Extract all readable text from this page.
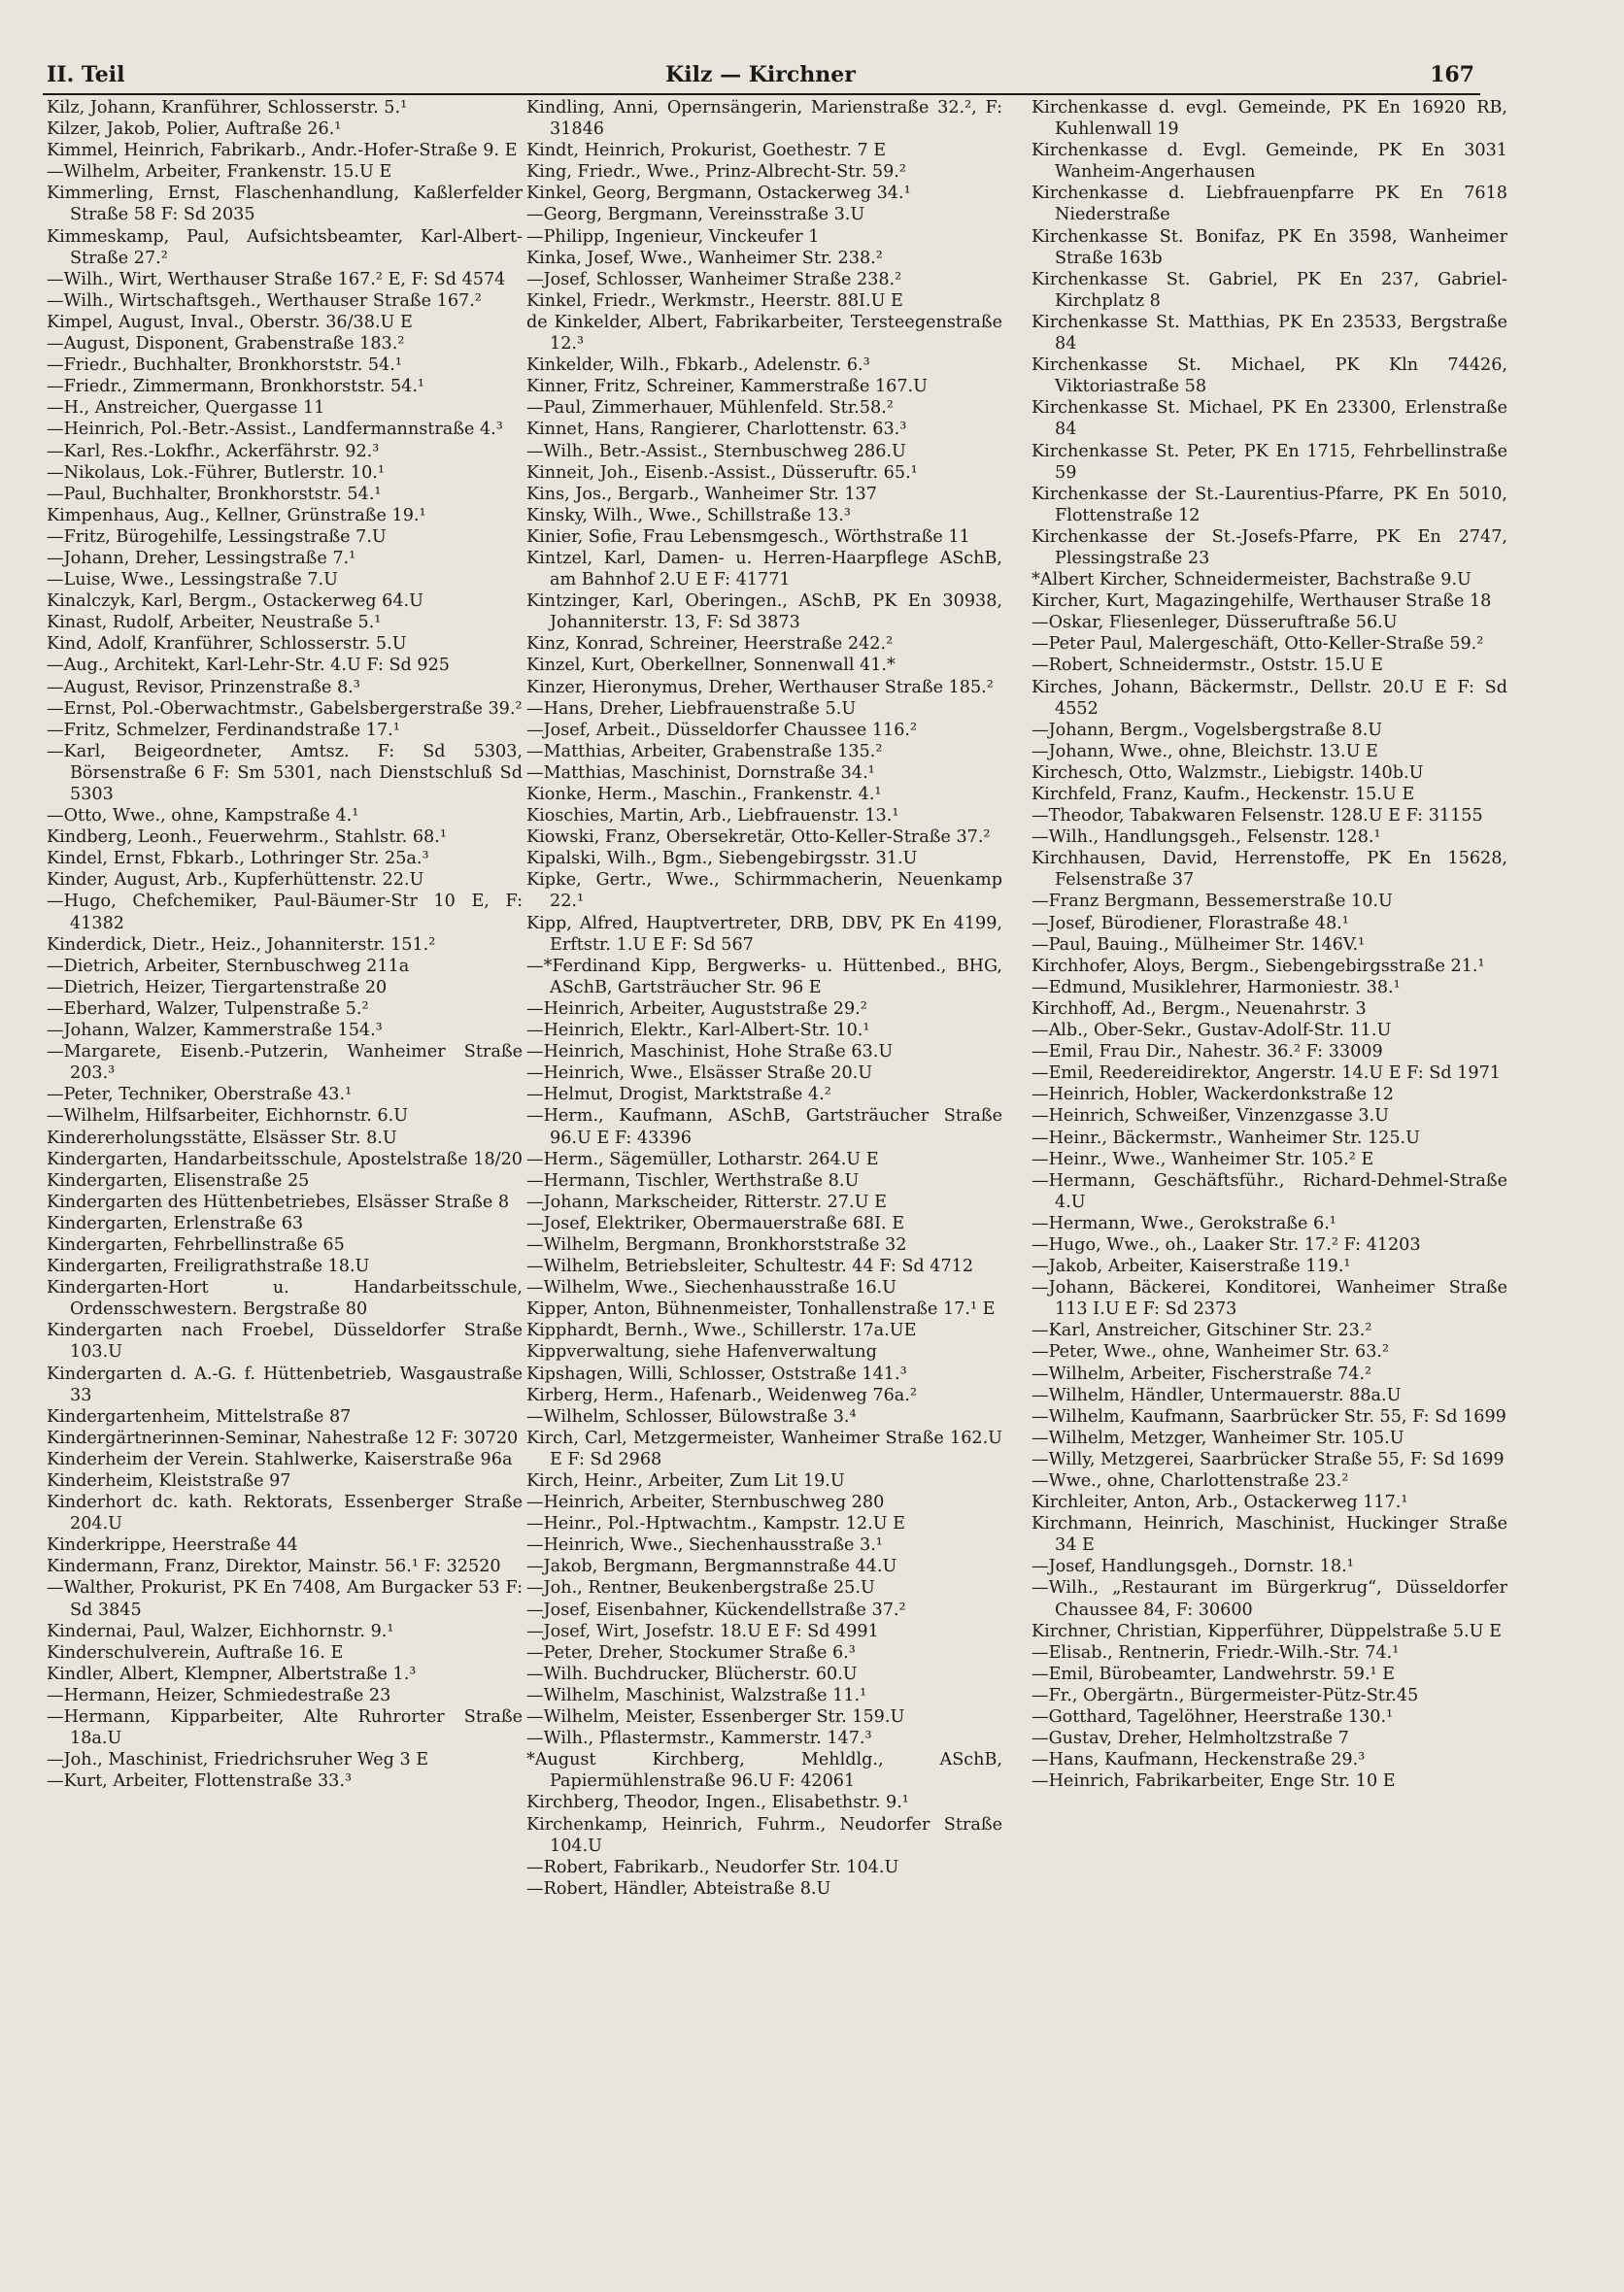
II. Teil	Kilz — Kirchner	167
Kilz, Johann, Kranführer, Schlosserstr. 5.¹
Kilzer, Jakob, Polier, Auftraße 26.¹
Kimmel, Heinrich, Fabrikarb., Andr.-Hofer-Straße 9. E
—Wilhelm, Arbeiter, Frankenstr. 15.U E
Kimmerling, Ernst, Flaschenhandlung, Kaßlerfelder Straße 58 F: Sd 2035
Kimmeskamp, Paul, Aufsichtsbeamter, Karl-Albert-Straße 27.²
—Wilh., Wirt, Werthauser Straße 167.² E, F: Sd 4574
—Wilh., Wirtschaftsgeh., Werthauser Straße 167.²
Kimpel, August, Inval., Oberstr. 36/38.U E
—August, Disponent, Grabenstraße 183.²
—Friedr., Buchhalter, Bronkhorststr. 54.¹
—Friedr., Zimmermann, Bronkhorststr. 54.¹
—H., Anstreicher, Quergasse 11
—Heinrich, Pol.-Betr.-Assist., Landfermannstraße 4.³
—Karl, Res.-Lokfhr., Ackerfährstr. 92.³
—Nikolaus, Lok.-Führer, Butlerstr. 10.¹
—Paul, Buchhalter, Bronkhorststr. 54.¹
Kimpenhaus, Aug., Kellner, Grünstraße 19.¹
—Fritz, Bürogehilfe, Lessingstraße 7.U
—Johann, Dreher, Lessingstraße 7.¹
—Luise, Wwe., Lessingstraße 7.U
Kinalczyk, Karl, Bergm., Ostackerweg 64.U
Kinast, Rudolf, Arbeiter, Neustraße 5.¹
Kind, Adolf, Kranführer, Schlosserstr. 5.U
—Aug., Architekt, Karl-Lehr-Str. 4.U F: Sd 925
—August, Revisor, Prinzenstraße 8.³
—Ernst, Pol.-Oberwachtmstr., Gabelsbergerstraße 39.²
—Fritz, Schmelzer, Ferdinandstraße 17.¹
—Karl, Beigeordneter, Amtsz. F: Sd 5303, Börsenstraße 6 F: Sm 5301, nach Dienstschluß Sd 5303
—Otto, Wwe., ohne, Kampstraße 4.¹
Kindberg, Leonh., Feuerwehrm., Stahlstr. 68.¹
Kindel, Ernst, Fbkarb., Lothringer Str. 25a.³
Kinder, August, Arb., Kupferhüttenstr. 22.U
—Hugo, Chefchemiker, Paul-Bäumer-Str 10 E, F: 41382
Kinderdick, Dietr., Heiz., Johanniterstr. 151.²
—Dietrich, Arbeiter, Sternbuschweg 211a
—Dietrich, Heizer, Tiergartenstraße 20
—Eberhard, Walzer, Tulpenstraße 5.²
—Johann, Walzer, Kammerstraße 154.³
—Margarete, Eisenb.-Putzerin, Wanheimer Straße 203.³
—Peter, Techniker, Oberstraße 43.¹
—Wilhelm, Hilfsarbeiter, Eichhornstr. 6.U
Kindererholungsstätte, Elsässer Str. 8.U
Kindergarten, Handarbeitsschule, Apostelstraße 18/20
Kindergarten, Elisenstraße 25
Kindergarten des Hüttenbetriebes, Elsässer Straße 8
Kindergarten, Erlenstraße 63
Kindergarten, Fehrbellinstraße 65
Kindergarten, Freiligrathstraße 18.U
Kindergarten-Hort u. Handarbeitsschule, Ordensschwestern. Bergstraße 80
Kindergarten nach Froebel, Düsseldorfer Straße 103.U
Kindergarten d. A.-G. f. Hüttenbetrieb, Wasgaustraße 33
Kindergartenheim, Mittelstraße 87
Kindergärtnerinnen-Seminar, Nahestraße 12 F: 30720
Kinderheim der Verein. Stahlwerke, Kaiserstraße 96a
Kinderheim, Kleiststraße 97
Kinderhort dc. kath. Rektorats, Essenberger Straße 204.U
Kinderkrippe, Heerstraße 44
Kindermann, Franz, Direktor, Mainstr. 56.¹ F: 32520
—Walther, Prokurist, PK En 7408, Am Burgacker 53 F: Sd 3845
Kindernai, Paul, Walzer, Eichhornstr. 9.¹
Kinderschulverein, Auftraße 16. E
Kindler, Albert, Klempner, Albertstraße 1.³
—Hermann, Heizer, Schmiedestraße 23
—Hermann, Kipparbeiter, Alte Ruhrorter Straße 18a.U
—Joh., Maschinist, Friedrichsruher Weg 3 E
—Kurt, Arbeiter, Flottenstraße 33.³
Kindling, Anni, Opernsängerin, Marienstraße 32.², F: 31846
Kindt, Heinrich, Prokurist, Goethestr. 7 E
King, Friedr., Wwe., Prinz-Albrecht-Str. 59.²
Kinkel, Georg, Bergmann, Ostackerweg 34.¹
—Georg, Bergmann, Vereinsstraße 3.U
—Philipp, Ingenieur, Vinckeufer 1
Kinka, Josef, Wwe., Wanheimer Str. 238.²
—Josef, Schlosser, Wanheimer Straße 238.²
Kinkel, Friedr., Werkmstr., Heerstr. 88I.U E
de Kinkelder, Albert, Fabrikarbeiter, Tersteegenstraße 12.³
Kinkelder, Wilh., Fbkarb., Adelenstr. 6.³
Kinner, Fritz, Schreiner, Kammerstraße 167.U
—Paul, Zimmerhauer, Mühlenfeld. Str.58.²
Kinnet, Hans, Rangierer, Charlottenstr. 63.³
—Wilh., Betr.-Assist., Sternbuschweg 286.U
Kinneit, Joh., Eisenb.-Assist., Düsseruftr. 65.¹
Kins, Jos., Bergarb., Wanheimer Str. 137
Kinsky, Wilh., Wwe., Schillstraße 13.³
Kinier, Sofie, Frau Lebensmgesch., Wörthstraße 11
Kintzel, Karl, Damen- u. Herren-Haarpflege ASchB, am Bahnhof 2.U E F: 41771
Kintzinger, Karl, Oberingen., ASchB, PK En 30938, Johanniterstr. 13, F: Sd 3873
Kinz, Konrad, Schreiner, Heerstraße 242.²
Kinzel, Kurt, Oberkellner, Sonnenwall 41.*
Kinzer, Hieronymus, Dreher, Werthauser Straße 185.²
—Hans, Dreher, Liebfrauenstraße 5.U
—Josef, Arbeit., Düsseldorfer Chaussee 116.²
—Matthias, Arbeiter, Grabenstraße 135.²
—Matthias, Maschinist, Dornstraße 34.¹
Kionke, Herm., Maschin., Frankenstr. 4.¹
Kioschies, Martin, Arb., Liebfrauenstr. 13.¹
Kiowski, Franz, Obersekretär, Otto-Keller-Straße 37.²
Kipalski, Wilh., Bgm., Siebengebirgsstr. 31.U
Kipke, Gertr., Wwe., Schirmmacherin, Neuenkamp 22.¹
Kipp, Alfred, Hauptvertreter, DRB, DBV, PK En 4199, Erftstr. 1.U E F: Sd 567
—*Ferdinand Kipp, Bergwerks- u. Hüttenbed., BHG, ASchB, Gartsträucher Str. 96 E
—Heinrich, Arbeiter, Auguststraße 29.²
—Heinrich, Elektr., Karl-Albert-Str. 10.¹
—Heinrich, Maschinist, Hohe Straße 63.U
—Heinrich, Wwe., Elsässer Straße 20.U
—Helmut, Drogist, Marktstraße 4.²
—Herm., Kaufmann, ASchB, Gartsträucher Straße 96.U E F: 43396
—Herm., Sägemüller, Lotharstr. 264.U E
—Hermann, Tischler, Werthstraße 8.U
—Johann, Markscheider, Ritterstr. 27.U E
—Josef, Elektriker, Obermauerstraße 68I. E
—Wilhelm, Bergmann, Bronkhorststraße 32
—Wilhelm, Betriebsleiter, Schultestr. 44 F: Sd 4712
—Wilhelm, Wwe., Siechenhausstraße 16.U
Kipper, Anton, Bühnenmeister, Tonhallenstraße 17.¹ E
Kipphardt, Bernh., Wwe., Schillerstr. 17a.UE
Kippverwaltung, siehe Hafenverwaltung
Kipshagen, Willi, Schlosser, Oststraße 141.³
Kirberg, Herm., Hafenarb., Weidenweg 76a.²
—Wilhelm, Schlosser, Bülowstraße 3.⁴
Kirch, Carl, Metzgermeister, Wanheimer Straße 162.U E F: Sd 2968
Kirch, Heinr., Arbeiter, Zum Lit 19.U
—Heinrich, Arbeiter, Sternbuschweg 280
—Heinr., Pol.-Hptwachtm., Kampstr. 12.U E
—Heinrich, Wwe., Siechenhausstraße 3.¹
—Jakob, Bergmann, Bergmannstraße 44.U
—Joh., Rentner, Beukenbergstraße 25.U
—Josef, Eisenbahner, Kückendellstraße 37.²
—Josef, Wirt, Josefstr. 18.U E F: Sd 4991
—Peter, Dreher, Stockumer Straße 6.³
—Wilh. Buchdrucker, Blücherstr. 60.U
—Wilhelm, Maschinist, Walzstraße 11.¹
—Wilhelm, Meister, Essenberger Str. 159.U
—Wilh., Pflastermstr., Kammerstr. 147.³
*August Kirchberg, Mehldlg., ASchB, Papiermühlenstraße 96.U F: 42061
Kirchberg, Theodor, Ingen., Elisabethstr. 9.¹
Kirchenkamp, Heinrich, Fuhrm., Neudorfer Straße 104.U
—Robert, Fabrikarb., Neudorfer Str. 104.U
—Robert, Händler, Abteistraße 8.U
Kirchenkasse d. evgl. Gemeinde, PK En 16920 RB, Kuhlenwall 19
Kirchenkasse d. Evgl. Gemeinde, PK En 3031 Wanheim-Angerhausen
Kirchenkasse d. Liebfrauenpfarre PK En 7618 Niederstraße
Kirchenkasse St. Bonifaz, PK En 3598, Wanheimer Straße 163b
Kirchenkasse St. Gabriel, PK En 237, Gabriel-Kirchplatz 8
Kirchenkasse St. Matthias, PK En 23533, Bergstraße 84
Kirchenkasse St. Michael, PK Kln 74426, Viktoriastraße 58
Kirchenkasse St. Michael, PK En 23300, Erlenstraße 84
Kirchenkasse St. Peter, PK En 1715, Fehrbellinstraße 59
Kirchenkasse der St.-Laurentius-Pfarre, PK En 5010, Flottenstraße 12
Kirchenkasse der St.-Josefs-Pfarre, PK En 2747, Plessingstraße 23
*Albert Kircher, Schneidermeister, Bachstraße 9.U
Kircher, Kurt, Magazingehilfe, Werthauser Straße 18
—Oskar, Fliesenleger, Düsseruftraße 56.U
—Peter Paul, Malergeschäft, Otto-Keller-Straße 59.²
—Robert, Schneidermstr., Oststr. 15.U E
Kirches, Johann, Bäckermstr., Dellstr. 20.U E F: Sd 4552
—Johann, Bergm., Vogelsbergstraße 8.U
—Johann, Wwe., ohne, Bleichstr. 13.U E
Kirchesch, Otto, Walzmstr., Liebigstr. 140b.U
Kirchfeld, Franz, Kaufm., Heckenstr. 15.U E
—Theodor, Tabakwaren Felsenstr. 128.U E F: 31155
—Wilh., Handlungsgeh., Felsenstr. 128.¹
Kirchhausen, David, Herrenstoffe, PK En 15628, Felsenstraße 37
—Franz Bergmann, Bessemerstraße 10.U
—Josef, Bürodiener, Florastraße 48.¹
—Paul, Bauing., Mülheimer Str. 146V.¹
Kirchhofer, Aloys, Bergm., Siebengebirgsstraße 21.¹
—Edmund, Musiklehrer, Harmoniestr. 38.¹
Kirchhoff, Ad., Bergm., Neuenahrstr. 3
—Alb., Ober-Sekr., Gustav-Adolf-Str. 11.U
—Emil, Frau Dir., Nahestr. 36.² F: 33009
—Emil, Reedereidirektor, Angerstr. 14.U E F: Sd 1971
—Heinrich, Hobler, Wackerdonkstraße 12
—Heinrich, Schweißer, Vinzenzgasse 3.U
—Heinr., Bäckermstr., Wanheimer Str. 125.U
—Heinr., Wwe., Wanheimer Str. 105.² E
—Hermann, Geschäftsführ., Richard-Dehmel-Straße 4.U
—Hermann, Wwe., Gerokstraße 6.¹
—Hugo, Wwe., oh., Laaker Str. 17.² F: 41203
—Jakob, Arbeiter, Kaiserstraße 119.¹
—Johann, Bäckerei, Konditorei, Wanheimer Straße 113 I.U E F: Sd 2373
—Karl, Anstreicher, Gitschiner Str. 23.²
—Peter, Wwe., ohne, Wanheimer Str. 63.²
—Wilhelm, Arbeiter, Fischerstraße 74.²
—Wilhelm, Händler, Untermauerstr. 88a.U
—Wilhelm, Kaufmann, Saarbrücker Str. 55, F: Sd 1699
—Wilhelm, Metzger, Wanheimer Str. 105.U
—Willy, Metzgerei, Saarbrücker Straße 55, F: Sd 1699
—Wwe., ohne, Charlottenstraße 23.²
Kirchleiter, Anton, Arb., Ostackerweg 117.¹
Kirchmann, Heinrich, Maschinist, Huckinger Straße 34 E
—Josef, Handlungsgeh., Dornstr. 18.¹
—Wilh., „Restaurant im Bürgerkrug“, Düsseldorfer Chaussee 84, F: 30600
Kirchner, Christian, Kipperführer, Düppelstraße 5.U E
—Elisab., Rentnerin, Friedr.-Wilh.-Str. 74.¹
—Emil, Bürobeamter, Landwehrstr. 59.¹ E
—Fr., Obergärtn., Bürgermeister-Pütz-Str.45
—Gotthard, Tagelöhner, Heerstraße 130.¹
—Gustav, Dreher, Helmholtzstraße 7
—Hans, Kaufmann, Heckenstraße 29.³
—Heinrich, Fabrikarbeiter, Enge Str. 10 E
